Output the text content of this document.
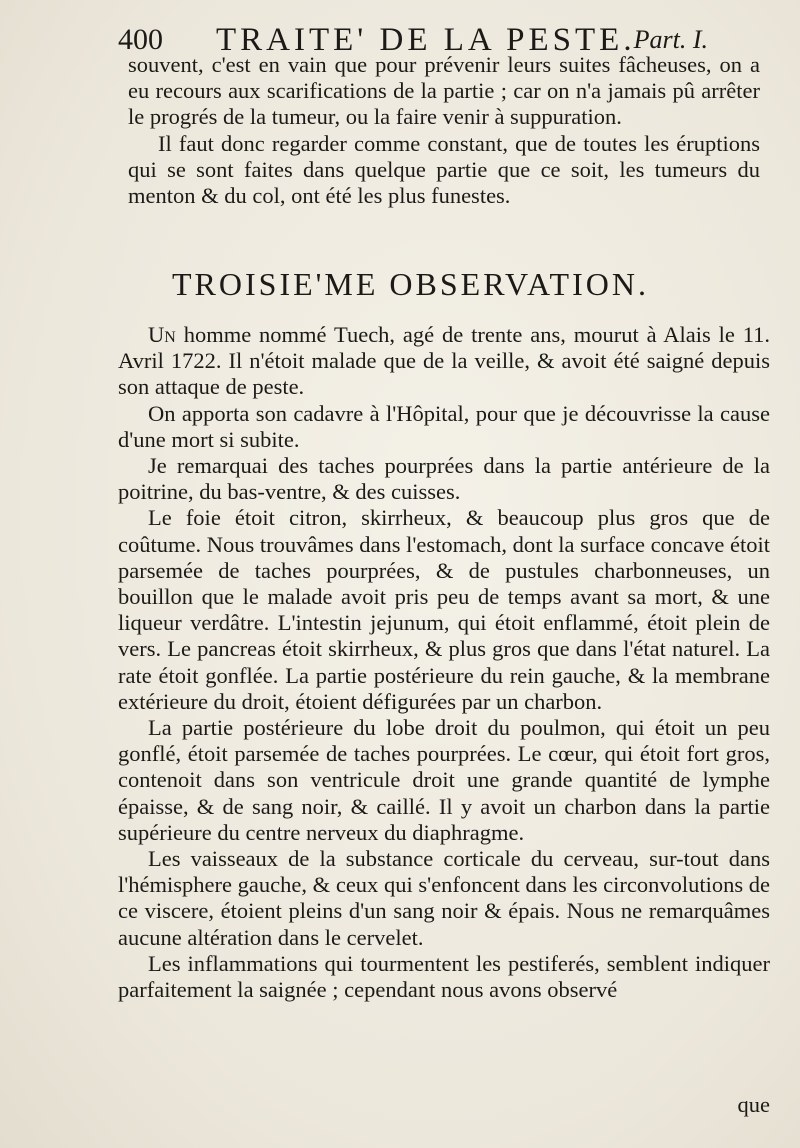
400 TRAITE' DE LA PESTE.
Part. I.

souvent, c'est en vain que pour prévenir leurs suites fâcheuses, on a eu recours aux scarifications de la partie ; car on n'a jamais pû arrêter le progrés de la tumeur, ou la faire venir à suppuration.

Il faut donc regarder comme constant, que de toutes les éruptions qui se sont faites dans quelque partie que ce soit, les tumeurs du menton & du col, ont été les plus funestes.

TROISIE'ME OBSERVATION.

Un homme nommé Tuech, agé de trente ans, mourut à Alais le 11. Avril 1722. Il n'étoit malade que de la veille, & avoit été saigné depuis son attaque de peste.

On apporta son cadavre à l'Hôpital, pour que je découvrisse la cause d'une mort si subite.

Je remarquai des taches pourprées dans la partie antérieure de la poitrine, du bas-ventre, & des cuisses.

Le foie étoit citron, skirrheux, & beaucoup plus gros que de coûtume. Nous trouvâmes dans l'estomach, dont la surface concave étoit parsemée de taches pourprées, & de pustules charbonneuses, un bouillon que le malade avoit pris peu de temps avant sa mort, & une liqueur verdâtre. L'intestin jejunum, qui étoit enflammé, étoit plein de vers. Le pancreas étoit skirrheux, & plus gros que dans l'état naturel. La rate étoit gonflée. La partie postérieure du rein gauche, & la membrane extérieure du droit, étoient défigurées par un charbon.

La partie postérieure du lobe droit du poulmon, qui étoit un peu gonflé, étoit parsemée de taches pourprées. Le cœur, qui étoit fort gros, contenoit dans son ventricule droit une grande quantité de lymphe épaisse, & de sang noir, & caillé. Il y avoit un charbon dans la partie supérieure du centre nerveux du diaphragme.

Les vaisseaux de la substance corticale du cerveau, sur-tout dans l'hémisphere gauche, & ceux qui s'enfoncent dans les circonvolutions de ce viscere, étoient pleins d'un sang noir & épais. Nous ne remarquâmes aucune altération dans le cervelet.

Les inflammations qui tourmentent les pestiferés, semblent indiquer parfaitement la saignée ; cependant nous avons observé

que
